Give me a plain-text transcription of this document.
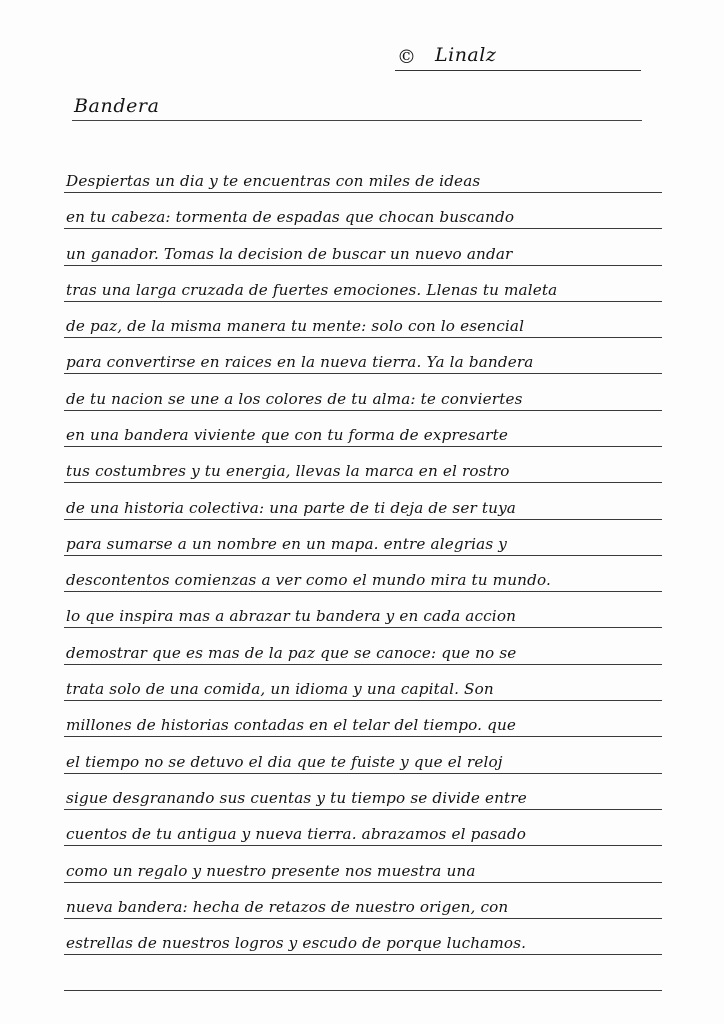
© Linalz
Bandera
Despiertas un dia y te encuentras con miles de ideas
en tu cabeza: tormenta de espadas que chocan buscando
un ganador. Tomas la decision de buscar un nuevo andar
tras una larga cruzada de fuertes emociones. Llenas tu maleta
de paz, de la misma manera tu mente: solo con lo esencial
para convertirse en raices en la nueva tierra. Ya la bandera
de tu nacion se une a los colores de tu alma: te conviertes
en una bandera viviente que con tu forma de expresarte
tus costumbres y tu energia, llevas la marca en el rostro
de una historia colectiva: una parte de ti deja de ser tuya
para sumarse a un nombre en un mapa. entre alegrias y
descontentos comienzas a ver como el mundo mira tu mundo.
lo que inspira mas a abrazar tu bandera y en cada accion
demostrar que es mas de la paz que se canoce: que no se
trata solo de una comida, un idioma y una capital. Son
millones de historias contadas en el telar del tiempo. que
el tiempo no se detuvo el dia que te fuiste y que el reloj
sigue desgranando sus cuentas y tu tiempo se divide entre
cuentos de tu antigua y nueva tierra. abrazamos el pasado
como un regalo y nuestro presente nos muestra una
nueva bandera: hecha de retazos de nuestro origen, con
estrellas de nuestros logros y escudo de porque luchamos.
